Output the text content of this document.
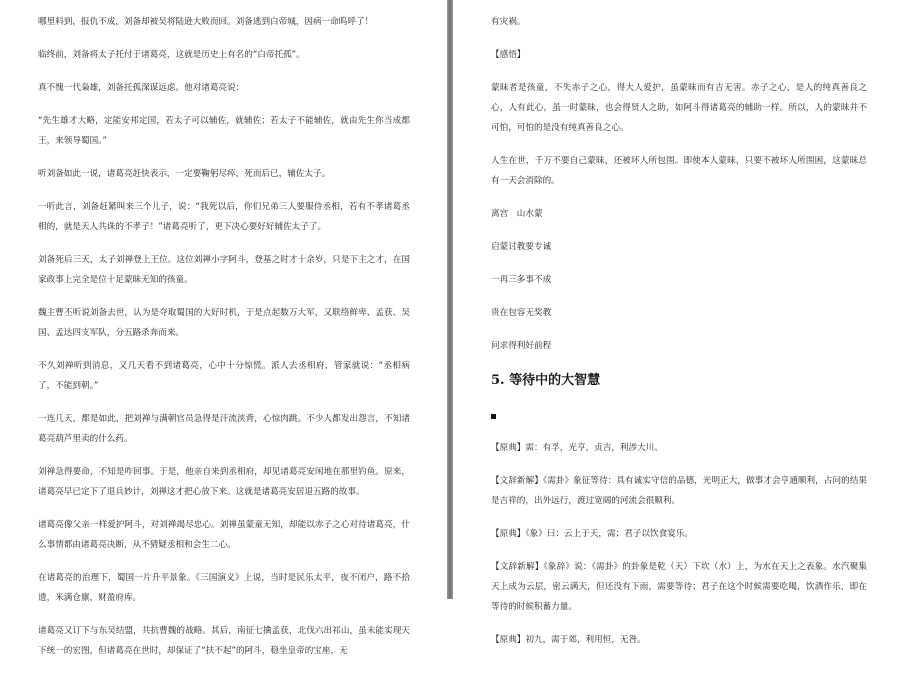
哪里料到，报仇不成，刘备却被吴将陆逊大败而回。刘备逃到白帝城，因病一命呜呼了！

临终前，刘备将太子托付于诸葛亮，这就是历史上有名的“白帝托孤”。

真不愧一代枭雄，刘备托孤深谋远虑。他对诸葛亮说：

“先生雄才大略，定能安邦定国，若太子可以辅佐，就辅佐；若太子不能辅佐，就由先生你当成都王，来领导蜀国。”

听刘备如此一说，诸葛亮赶快表示，一定要鞠躬尽瘁，死而后已，辅佐太子。

一听此言，刘备赶紧叫来三个儿子，说：“我死以后，你们兄弟三人要服侍丞相，若有不孝诸葛丞相的，就是天人共诛的不孝子！”诸葛亮听了，更下决心要好好辅佐太子了。

刘备死后三天，太子刘禅登上王位。这位刘禅小字阿斗，登基之时才十余岁，只是下主之才，在国家政事上完全是位十足蒙昧无知的孩童。

魏主曹丕听说刘备去世，认为是夺取蜀国的大好时机，于是点起数万大军，又联络鲜卑、孟获、吴国、孟达四支军队，分五路杀奔而来。

不久刘禅听到消息，又几天看不到诸葛亮，心中十分惊慌。派人去丞相府，管家就说：“丞相病了，不能到朝。”

一连几天，都是如此，把刘禅与满朝官员急得是汗流浃背，心惊肉跳。不少人都发出怨言，不知诸葛亮葫芦里卖的什么药。

刘禅急得要命，不知是咋回事。于是，他亲自来到丞相府，却见诸葛亮安闲地在那里钓鱼。原来，诸葛亮早已定下了退兵妙计，刘禅这才把心放下来。这就是诸葛亮安居退五路的故事。

诸葛亮像父亲一样爱护阿斗，对刘禅竭尽忠心。刘禅虽蒙童无知，却能以赤子之心对待诸葛亮，什么事情都由诸葛亮决断，从不猜疑丞相和会生二心。

在诸葛亮的治理下，蜀国一片升平景象。《三国演义》上说，当时是民乐太平，夜不闭户，路不拾遗，米满仓廪，财盈府库。

诸葛亮又订下与东吴结盟，共抗曹魏的战略。其后，南征七擒孟获，北伐六出祁山，虽未能实现天下统一的宏图，但诸葛亮在世时，却保证了“扶不起”的阿斗，稳坐皇帝的宝座，无

有灾祸。

【感悟】

蒙昧者是孩童，不失赤子之心，得大人爱护，虽蒙昧而有吉无害。赤子之心，是人的纯真善良之心，人有此心，虽一时蒙昧，也会得贤人之助，如阿斗得诸葛亮的辅助一样。所以，人的蒙昧并不可怕，可怕的是没有纯真善良之心。

人生在世，千万不要自己蒙昧，还被坏人所包围。即使本人蒙昧，只要不被坏人所围困，这蒙昧总有一天会消除的。

离宫　山水蒙

启蒙讨教要专诚

一再三多事不成

贵在包容无奖教

问求得利好前程

5. 等待中的大智慧

【原典】需：有孚，光亨，贞吉，利涉大川。

【文辞新解】《需卦》象征等待：具有诚实守信的品德，光明正大，做事才会亨通顺利，占问的结果是吉祥的，出外远行，渡过宽阔的河流会很顺利。

【原典】《象》曰：云上于天，需；君子以饮食宴乐。

【文辞新解】《象辞》说：《需卦》的卦象是乾（天）下坎（水）上，为水在天上之表象。水汽聚集天上成为云层，密云满天，但还没有下雨，需要等待；君子在这个时候需要吃喝，饮酒作乐，即在等待的时候积蓄力量。

【原典】初九，需于郊，利用恒，无咎。
